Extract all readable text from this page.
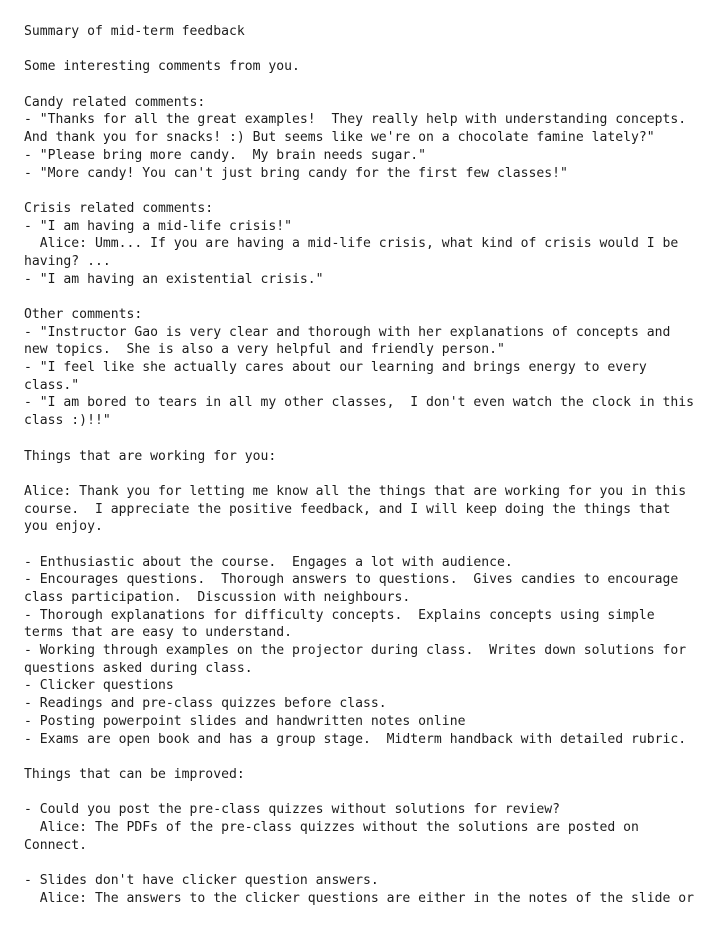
Summary of mid-term feedback
Some interesting comments from you.
Candy related comments:
- "Thanks for all the great examples!  They really help with understanding concepts.
And thank you for snacks! :) But seems like we're on a chocolate famine lately?"
- "Please bring more candy.  My brain needs sugar."
- "More candy! You can't just bring candy for the first few classes!"
Crisis related comments:
- "I am having a mid-life crisis!"
Alice: Umm... If you are having a mid-life crisis, what kind of crisis would I be
having? ...
- "I am having an existential crisis."
Other comments:
- "Instructor Gao is very clear and thorough with her explanations of concepts and
new topics.  She is also a very helpful and friendly person."
- "I feel like she actually cares about our learning and brings energy to every
class."
- "I am bored to tears in all my other classes,  I don't even watch the clock in this
class :)!!"
Things that are working for you:
Alice: Thank you for letting me know all the things that are working for you in this
course.  I appreciate the positive feedback, and I will keep doing the things that
you enjoy.
- Enthusiastic about the course.  Engages a lot with audience.
- Encourages questions.  Thorough answers to questions.  Gives candies to encourage
class participation.  Discussion with neighbours.
- Thorough explanations for difficulty concepts.  Explains concepts using simple
terms that are easy to understand.
- Working through examples on the projector during class.  Writes down solutions for
questions asked during class.
- Clicker questions
- Readings and pre-class quizzes before class.
- Posting powerpoint slides and handwritten notes online
- Exams are open book and has a group stage.  Midterm handback with detailed rubric.
Things that can be improved:
- Could you post the pre-class quizzes without solutions for review?
Alice: The PDFs of the pre-class quizzes without the solutions are posted on
Connect.
- Slides don't have clicker question answers.
Alice: The answers to the clicker questions are either in the notes of the slide or
